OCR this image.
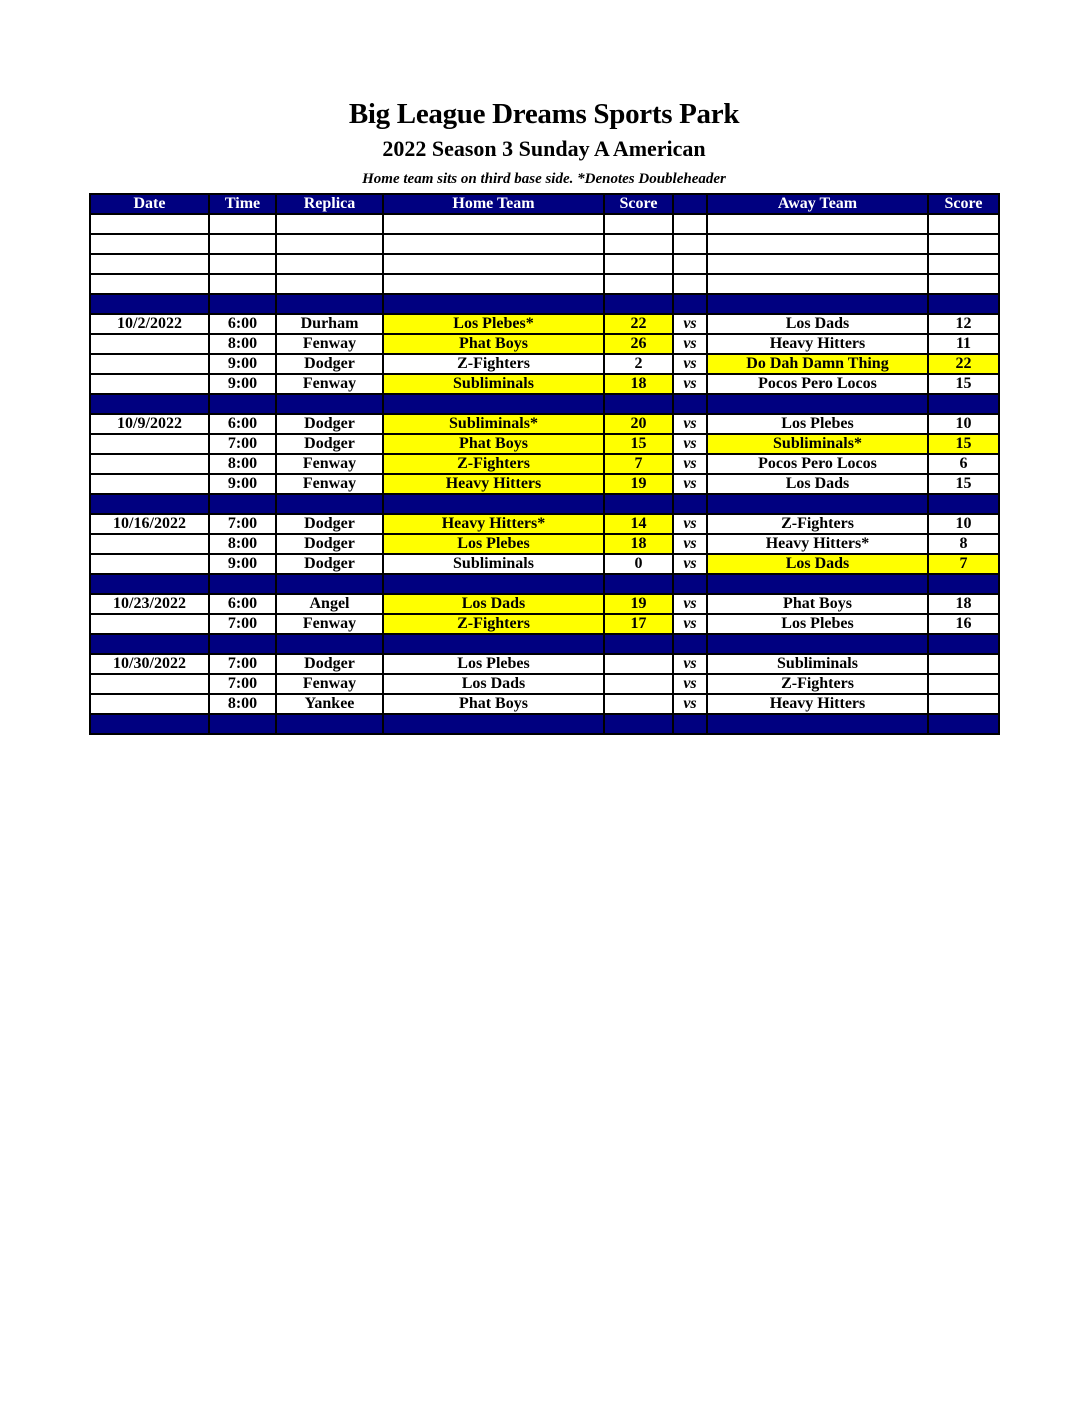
Big League Dreams Sports Park
2022 Season 3 Sunday A American
Home team sits on third base side. *Denotes Doubleheader
Date	Time	Replica	Home Team	Score		Away Team	Score

10/2/2022	6:00	Durham	Los Plebes*	22	vs	Los Dads	12
	8:00	Fenway	Phat Boys	26	vs	Heavy Hitters	11
	9:00	Dodger	Z-Fighters	2	vs	Do Dah Damn Thing	22
	9:00	Fenway	Subliminals	18	vs	Pocos Pero Locos	15

10/9/2022	6:00	Dodger	Subliminals*	20	vs	Los Plebes	10
	7:00	Dodger	Phat Boys	15	vs	Subliminals*	15
	8:00	Fenway	Z-Fighters	7	vs	Pocos Pero Locos	6
	9:00	Fenway	Heavy Hitters	19	vs	Los Dads	15

10/16/2022	7:00	Dodger	Heavy Hitters*	14	vs	Z-Fighters	10
	8:00	Dodger	Los Plebes	18	vs	Heavy Hitters*	8
	9:00	Dodger	Subliminals	0	vs	Los Dads	7

10/23/2022	6:00	Angel	Los Dads	19	vs	Phat Boys	18
	7:00	Fenway	Z-Fighters	17	vs	Los Plebes	16

10/30/2022	7:00	Dodger	Los Plebes		vs	Subliminals	
	7:00	Fenway	Los Dads		vs	Z-Fighters	
	8:00	Yankee	Phat Boys		vs	Heavy Hitters	
